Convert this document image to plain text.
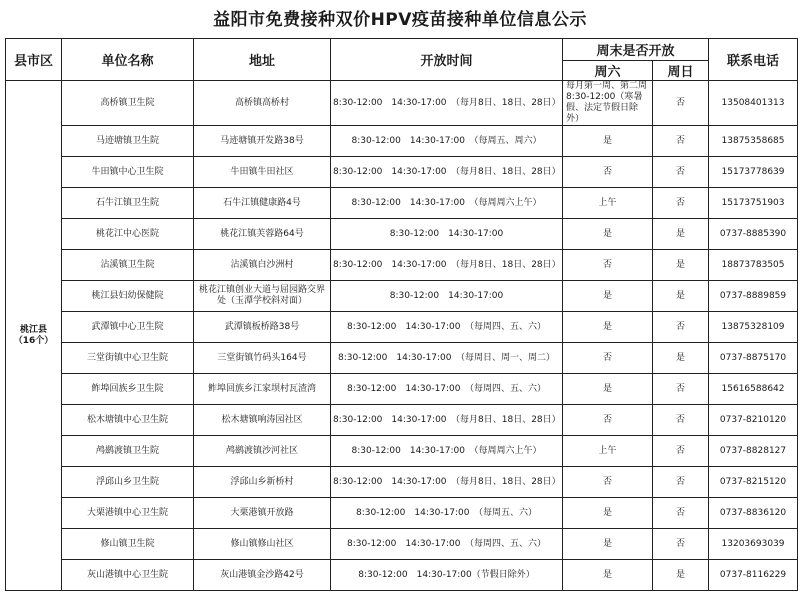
益阳市免费接种双价HPV疫苗接种单位信息公示
县市区	单位名称	地址	开放时间	周末是否开放		联系电话
				周六	周日	

桃江县
（16个）	高桥镇卫生院	高桥镇高桥村	8:30-12:00　14:30-17:00　（每月8日、18日、28日）	每月第一周、第二周 8:30-12:00（寒暑假、法定节假日除外）	否	13508401313
	马迹塘镇卫生院	马迹塘镇开发路38号	8:30-12:00　14:30-17:00　（每周五、周六）	是	否	13875358685
	牛田镇中心卫生院	牛田镇牛田社区	8:30-12:00　14:30-17:00　（每月8日、18日、28日）	否	否	15173778639
	石牛江镇卫生院	石牛江镇健康路4号	8:30-12:00　14:30-17:00　（每周周六上午）	上午	否	15173751903
	桃花江中心医院	桃花江镇芙蓉路64号	8:30-12:00　14:30-17:00	是	是	0737-8885390
	沾溪镇卫生院	沾溪镇白沙洲村	8:30-12:00　14:30-17:00　（每月8日、18日、28日）	否	是	18873783505
	桃江县妇幼保健院	桃花江镇创业大道与屈园路交界处（玉潭学校斜对面）	8:30-12:00　14:30-17:00	是	是	0737-8889859
	武潭镇中心卫生院	武潭镇板桥路38号	8:30-12:00　14:30-17:00　（每周四、五、六）	是	否	13875328109
	三堂街镇中心卫生院	三堂街镇竹码头164号	8:30-12:00　14:30-17:00　（每周日、周一、周二）	否	是	0737-8875170
	鲊埠回族乡卫生院	鲊埠回族乡江家坝村瓦渣湾	8:30-12:00　14:30-17:00　（每周四、五、六）	是	否	15616588642
	松木塘镇中心卫生院	松木塘镇响涛园社区	8:30-12:00　14:30-17:00　（每月8日、18日、28日）	否	否	0737-8210120
	鸬鹚渡镇卫生院	鸬鹚渡镇沙河社区	8:30-12:00　14:30-17:00　（每周周六上午）	上午	否	0737-8828127
	浮邱山乡卫生院	浮邱山乡新桥村	8:30-12:00　14:30-17:00　（每月8日、18日、28日）	否	否	0737-8215120
	大栗港镇中心卫生院	大栗港镇开放路	8:30-12:00　14:30-17:00　（每周五、六）	是	否	0737-8836120
	修山镇卫生院	修山镇修山社区	8:30-12:00　14:30-17:00　（每周四、五、六）	是	否	13203693039
	灰山港镇中心卫生院	灰山港镇金沙路42号	8:30-12:00　14:30-17:00（节假日除外）	是	是	0737-8116229
